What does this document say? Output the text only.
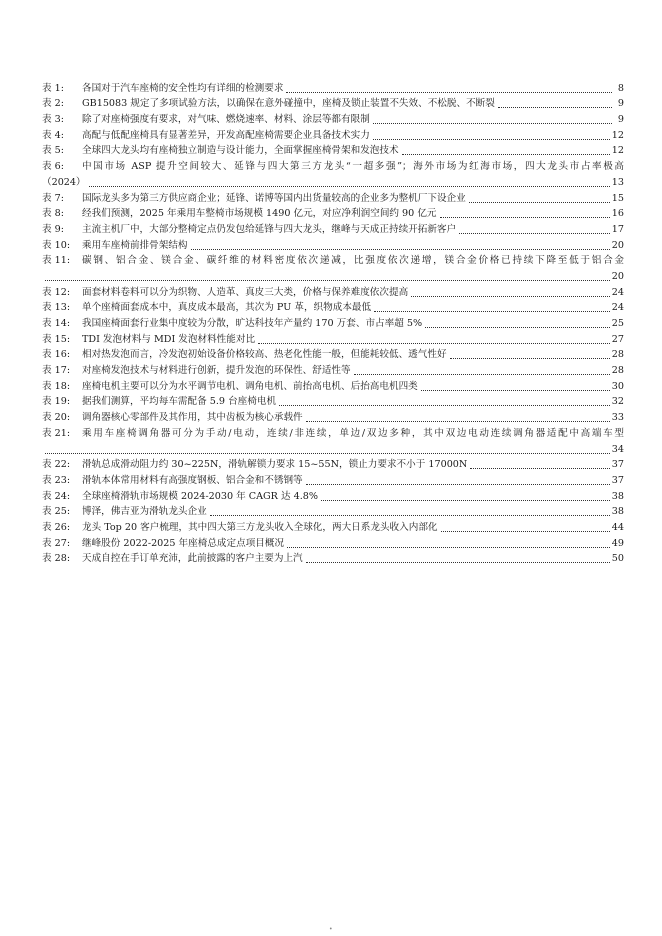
表 1:	各国对于汽车座椅的安全性均有详细的检测要求	8
表 2:	GB15083 规定了多项试验方法，以确保在意外碰撞中，座椅及锁止装置不失效、不松脱、不断裂	9
表 3:	除了对座椅强度有要求，对气味、燃烧速率、材料、涂层等都有限制	9
表 4:	高配与低配座椅具有显著差异，开发高配座椅需要企业具备技术实力	12
表 5:	全球四大龙头均有座椅独立制造与设计能力，全面掌握座椅骨架和发泡技术	12
表 6:	中国市场 ASP 提升空间较大、延锋与四大第三方龙头“一超多强”；海外市场为红海市场，四大龙头市占率极高
（2024）	13
表 7:	国际龙头多为第三方供应商企业；延锋、诺博等国内出货量较高的企业多为整机厂下设企业	15
表 8:	经我们预测，2025 年乘用车整椅市场规模 1490 亿元，对应净利润空间约 90 亿元	16
表 9:	主流主机厂中，大部分整椅定点仍发包给延锋与四大龙头，继峰与天成正持续开拓新客户	17
表 10:	乘用车座椅前排骨架结构	20
表 11:	碳钢、铝合金、镁合金、碳纤维的材料密度依次递减，比强度依次递增，镁合金价格已持续下降至低于铝合金
20
表 12:	面套材料卷料可以分为织物、人造革、真皮三大类，价格与保养难度依次提高	24
表 13:	单个座椅面套成本中，真皮成本最高，其次为 PU 革，织物成本最低	24
表 14:	我国座椅面套行业集中度较为分散，旷达科技年产量约 170 万套、市占率超 5%	25
表 15:	TDI 发泡材料与 MDI 发泡材料性能对比	27
表 16:	相对热发泡而言，冷发泡初始设备价格较高、热老化性能一般，但能耗较低、透气性好	28
表 17:	对座椅发泡技术与材料进行创新，提升发泡的环保性、舒适性等	28
表 18:	座椅电机主要可以分为水平调节电机、调角电机、前抬高电机、后抬高电机四类	30
表 19:	据我们测算，平均每车需配备 5.9 台座椅电机	32
表 20:	调角器核心零部件及其作用，其中齿板为核心承载件	33
表 21:	乘用车座椅调角器可分为手动/电动，连续/非连续，单边/双边多种，其中双边电动连续调角器适配中高端车型
34
表 22:	滑轨总成滑动阻力约 30~225N，滑轨解锁力要求 15~55N，锁止力要求不小于 17000N	37
表 23:	滑轨本体常用材料有高强度钢板、铝合金和不锈钢等	37
表 24:	全球座椅滑轨市场规模 2024-2030 年 CAGR 达 4.8%	38
表 25:	博泽，佛吉亚为滑轨龙头企业	38
表 26:	龙头 Top 20 客户梳理，其中四大第三方龙头收入全球化，两大日系龙头收入内部化	44
表 27:	继峰股份 2022-2025 年座椅总成定点项目概况	49
表 28:	天成自控在手订单充沛，此前披露的客户主要为上汽	50
•
